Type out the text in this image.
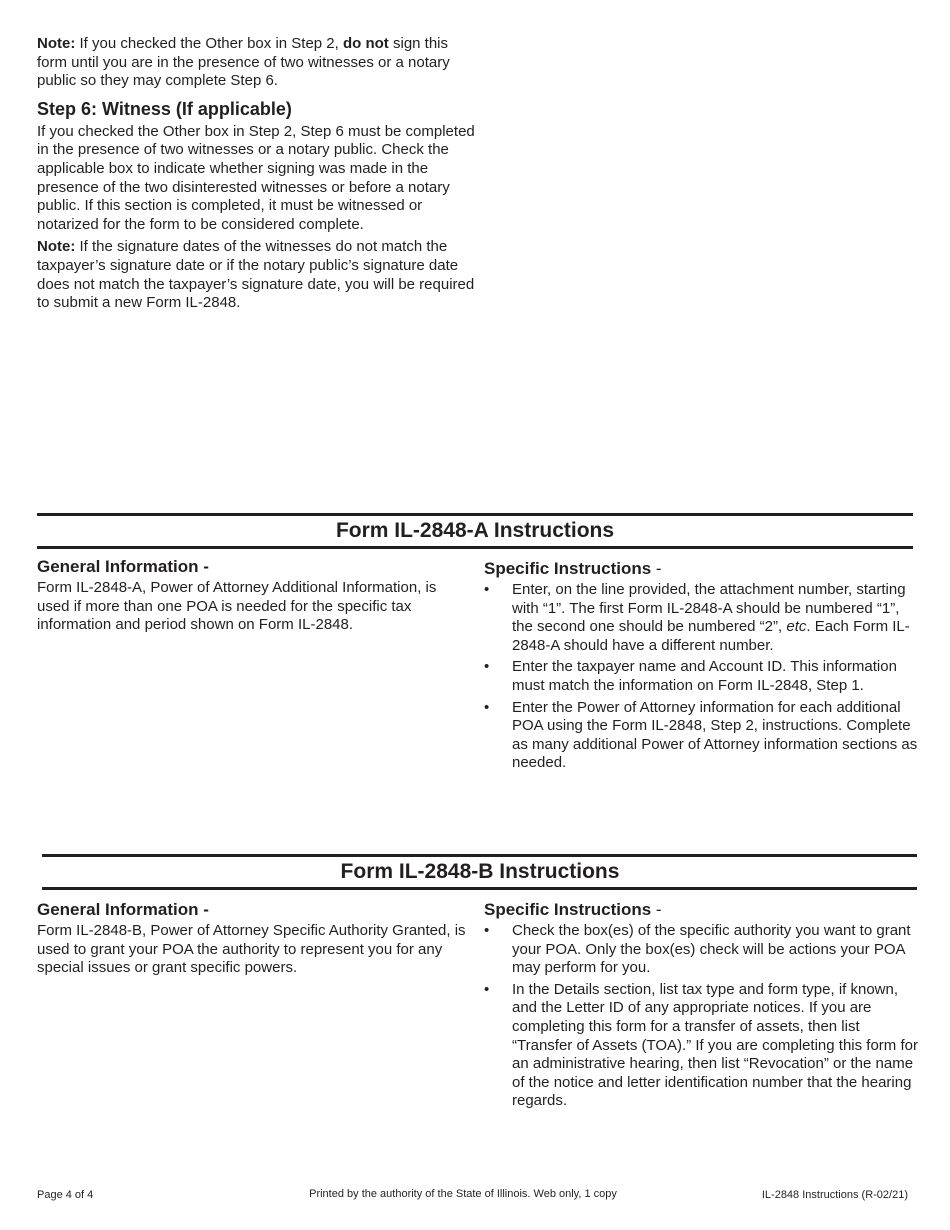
Note: If you checked the Other box in Step 2, do not sign this form until you are in the presence of two witnesses or a notary public so they may complete Step 6.

Step 6: Witness (If applicable)

If you checked the Other box in Step 2, Step 6 must be completed in the presence of two witnesses or a notary public. Check the applicable box to indicate whether signing was made in the presence of the two disinterested witnesses or before a notary public. If this section is completed, it must be witnessed or notarized for the form to be considered complete.

Note: If the signature dates of the witnesses do not match the taxpayer’s signature date or if the notary public’s signature date does not match the taxpayer’s signature date, you will be required to submit a new Form IL-2848.

Form IL-2848-A Instructions
General Information -

Form IL-2848-A, Power of Attorney Additional Information, is used if more than one POA is needed for the specific tax information and period shown on Form IL-2848.

Specific Instructions -
• Enter, on the line provided, the attachment number, starting with “1”. The first Form IL-2848-A should be numbered “1”, the second one should be numbered “2”, etc. Each Form IL-2848-A should have a different number.
• Enter the taxpayer name and Account ID. This information must match the information on Form IL-2848, Step 1.
• Enter the Power of Attorney information for each additional POA using the Form IL-2848, Step 2, instructions. Complete as many additional Power of Attorney information sections as needed.
Form IL-2848-B Instructions
General Information -

Form IL-2848-B, Power of Attorney Specific Authority Granted, is used to grant your POA the authority to represent you for any special issues or grant specific powers.

Specific Instructions -
• Check the box(es) of the specific authority you want to grant your POA. Only the box(es) check will be actions your POA may perform for you.
• In the Details section, list tax type and form type, if known, and the Letter ID of any appropriate notices. If you are completing this form for a transfer of assets, then list “Transfer of Assets (TOA).” If you are completing this form for an administrative hearing, then list “Revocation” or the name of the notice and letter identification number that the hearing regards.

Page 4 of 4	Printed by the authority of the State of Illinois. Web only, 1 copy	IL-2848 Instructions (R-02/21)
